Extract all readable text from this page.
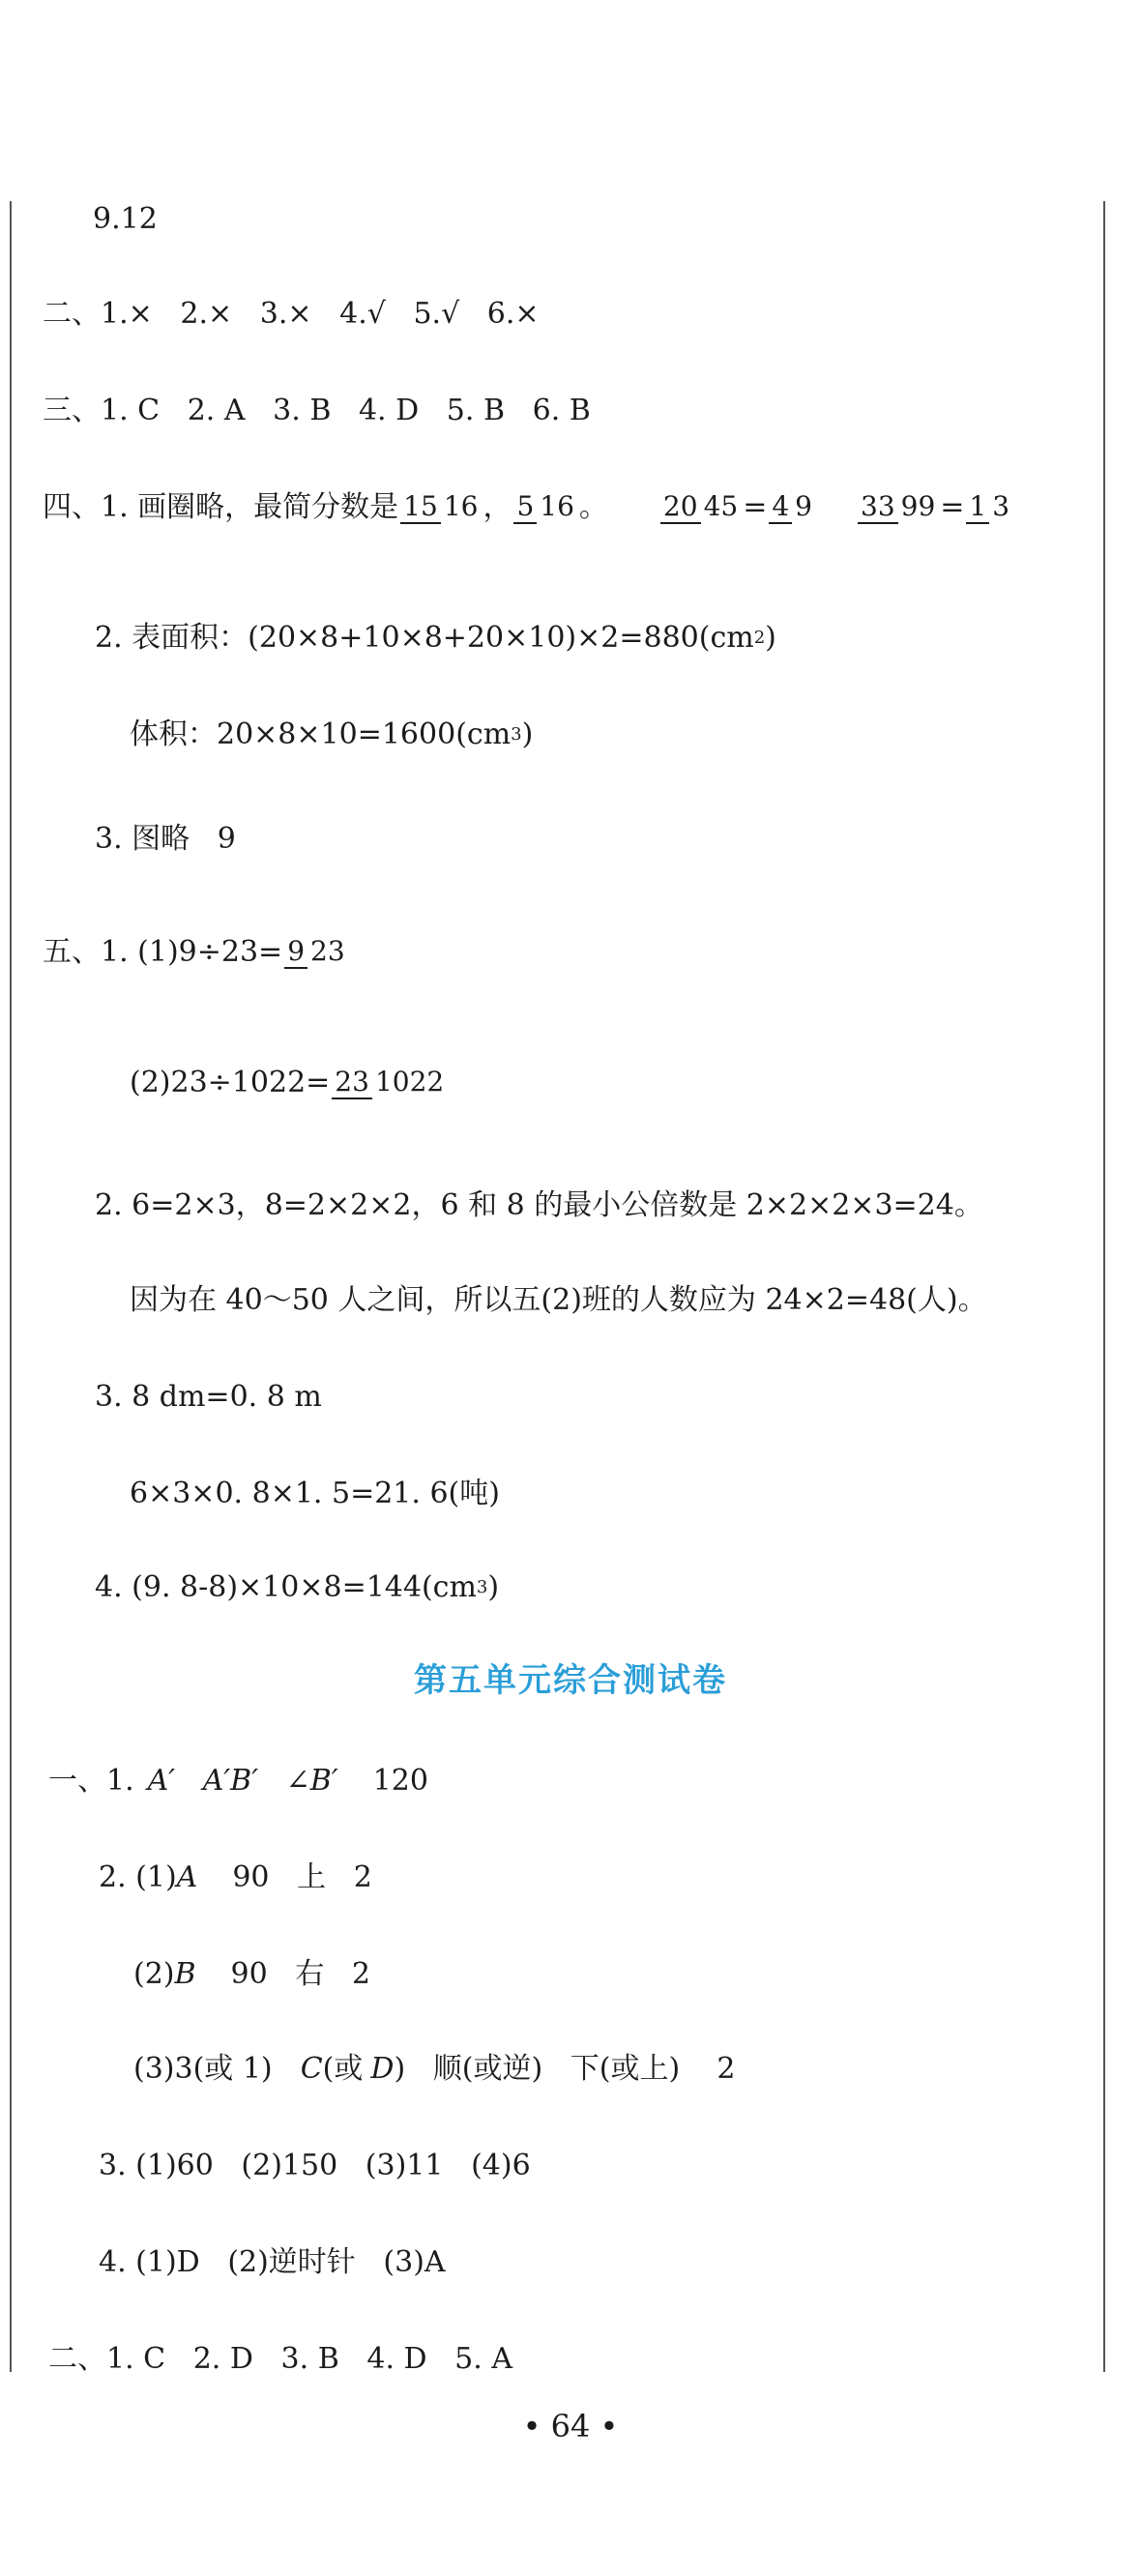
9.12
二、1.×   2.×   3.×   4.√   5.√   6.×
三、1. C   2. A   3. B   4. D   5. B   6. B
四、1. 画圈略，最简分数是 15 16 ， 5 16 。 20 45 = 4 9 33 99 = 1 3
2. 表面积：(20×8+10×8+20×10)×2=880(cm 2 )
体积：20×8×10=1600(cm 3 )
3. 图略   9
五、1. (1)9÷23= 9 23
(2)23÷1022= 23 1022
2. 6=2×3，8=2×2×2，6 和 8 的最小公倍数是 2×2×2×3=24。
因为在 40～50 人之间，所以五(2)班的人数应为 24×2=48(人)。
3. 8 dm=0. 8 m
6×3×0. 8×1. 5=21. 6(吨)
4. (9. 8-8)×10×8=144(cm 3 )
第五单元综合测试卷
一、1. A′   A′B′   ∠B′ 120
2. (1) A 90   上   2
(2) B 90   右   2
(3)3(或 1) C (或 D )   顺(或逆)   下(或上)    2
3. (1)60   (2)150   (3)11   (4)6
4. (1)D   (2)逆时针   (3)A
二、1. C   2. D   3. B   4. D   5. A
• 64 •
